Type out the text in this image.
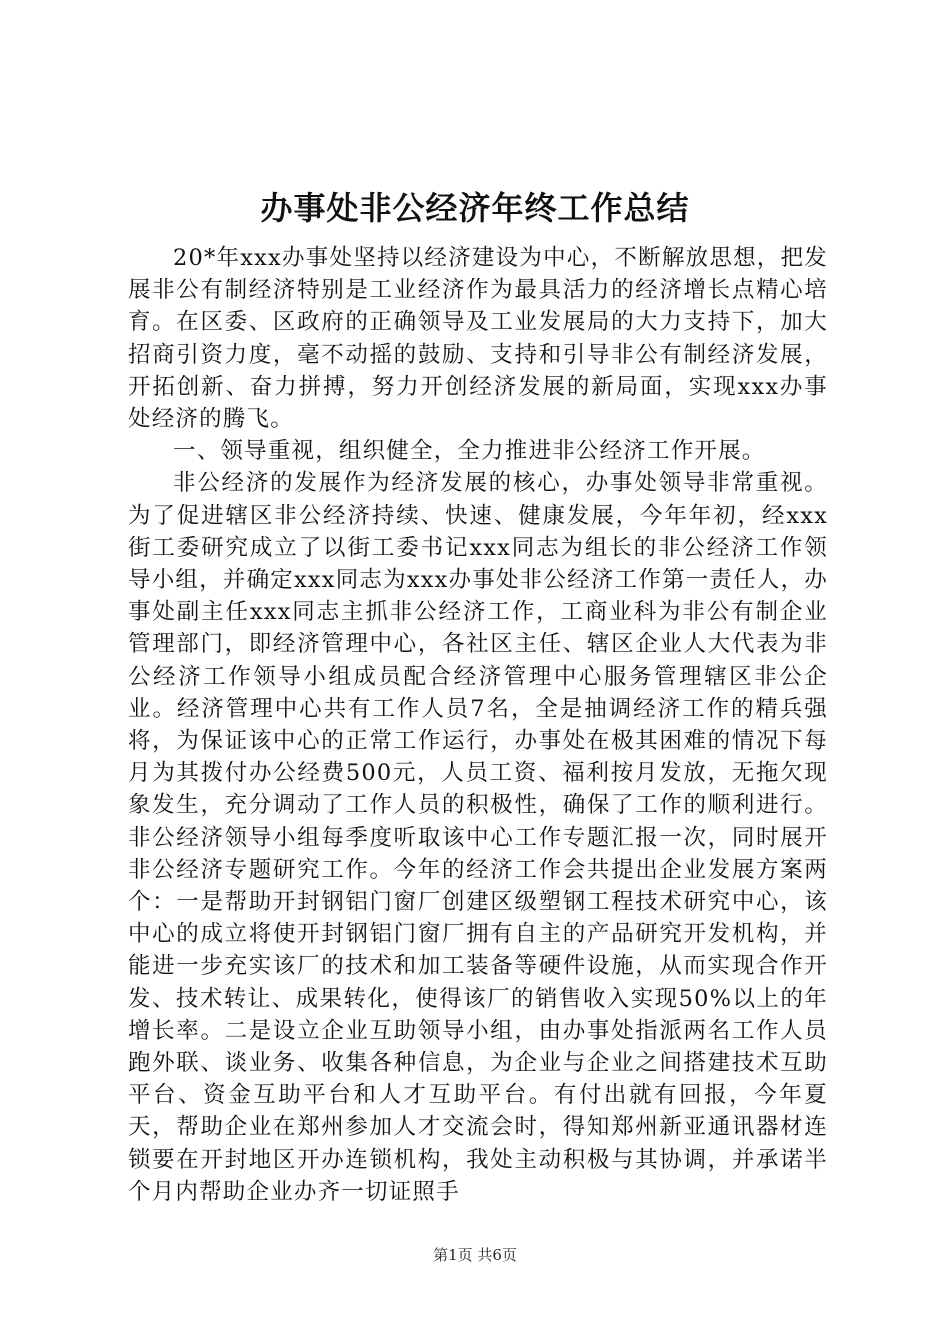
办事处非公经济年终工作总结

20*年xxx办事处坚持以经济建设为中心，不断解放思想，把发展非公有制经济特别是工业经济作为最具活力的经济增长点精心培育。在区委、区政府的正确领导及工业发展局的大力支持下，加大招商引资力度，毫不动摇的鼓励、支持和引导非公有制经济发展，开拓创新、奋力拼搏，努力开创经济发展的新局面，实现xxx办事处经济的腾飞。

一、领导重视，组织健全，全力推进非公经济工作开展。

非公经济的发展作为经济发展的核心，办事处领导非常重视。为了促进辖区非公经济持续、快速、健康发展，今年年初，经xxx街工委研究成立了以街工委书记xxx同志为组长的非公经济工作领导小组，并确定xxx同志为xxx办事处非公经济工作第一责任人，办事处副主任xxx同志主抓非公经济工作，工商业科为非公有制企业管理部门，即经济管理中心，各社区主任、辖区企业人大代表为非公经济工作领导小组成员配合经济管理中心服务管理辖区非公企业。经济管理中心共有工作人员7名，全是抽调经济工作的精兵强将，为保证该中心的正常工作运行，办事处在极其困难的情况下每月为其拨付办公经费500元，人员工资、福利按月发放，无拖欠现象发生，充分调动了工作人员的积极性，确保了工作的顺利进行。非公经济领导小组每季度听取该中心工作专题汇报一次，同时展开非公经济专题研究工作。今年的经济工作会共提出企业发展方案两个：一是帮助开封钢铝门窗厂创建区级塑钢工程技术研究中心，该中心的成立将使开封钢铝门窗厂拥有自主的产品研究开发机构，并能进一步充实该厂的技术和加工装备等硬件设施，从而实现合作开发、技术转让、成果转化，使得该厂的销售收入实现50%以上的年增长率。二是设立企业互助领导小组，由办事处指派两名工作人员跑外联、谈业务、收集各种信息，为企业与企业之间搭建技术互助平台、资金互助平台和人才互助平台。有付出就有回报，今年夏天，帮助企业在郑州参加人才交流会时，得知郑州新亚通讯器材连锁要在开封地区开办连锁机构，我处主动积极与其协调，并承诺半个月内帮助企业办齐一切证照手

第1页 共6页
